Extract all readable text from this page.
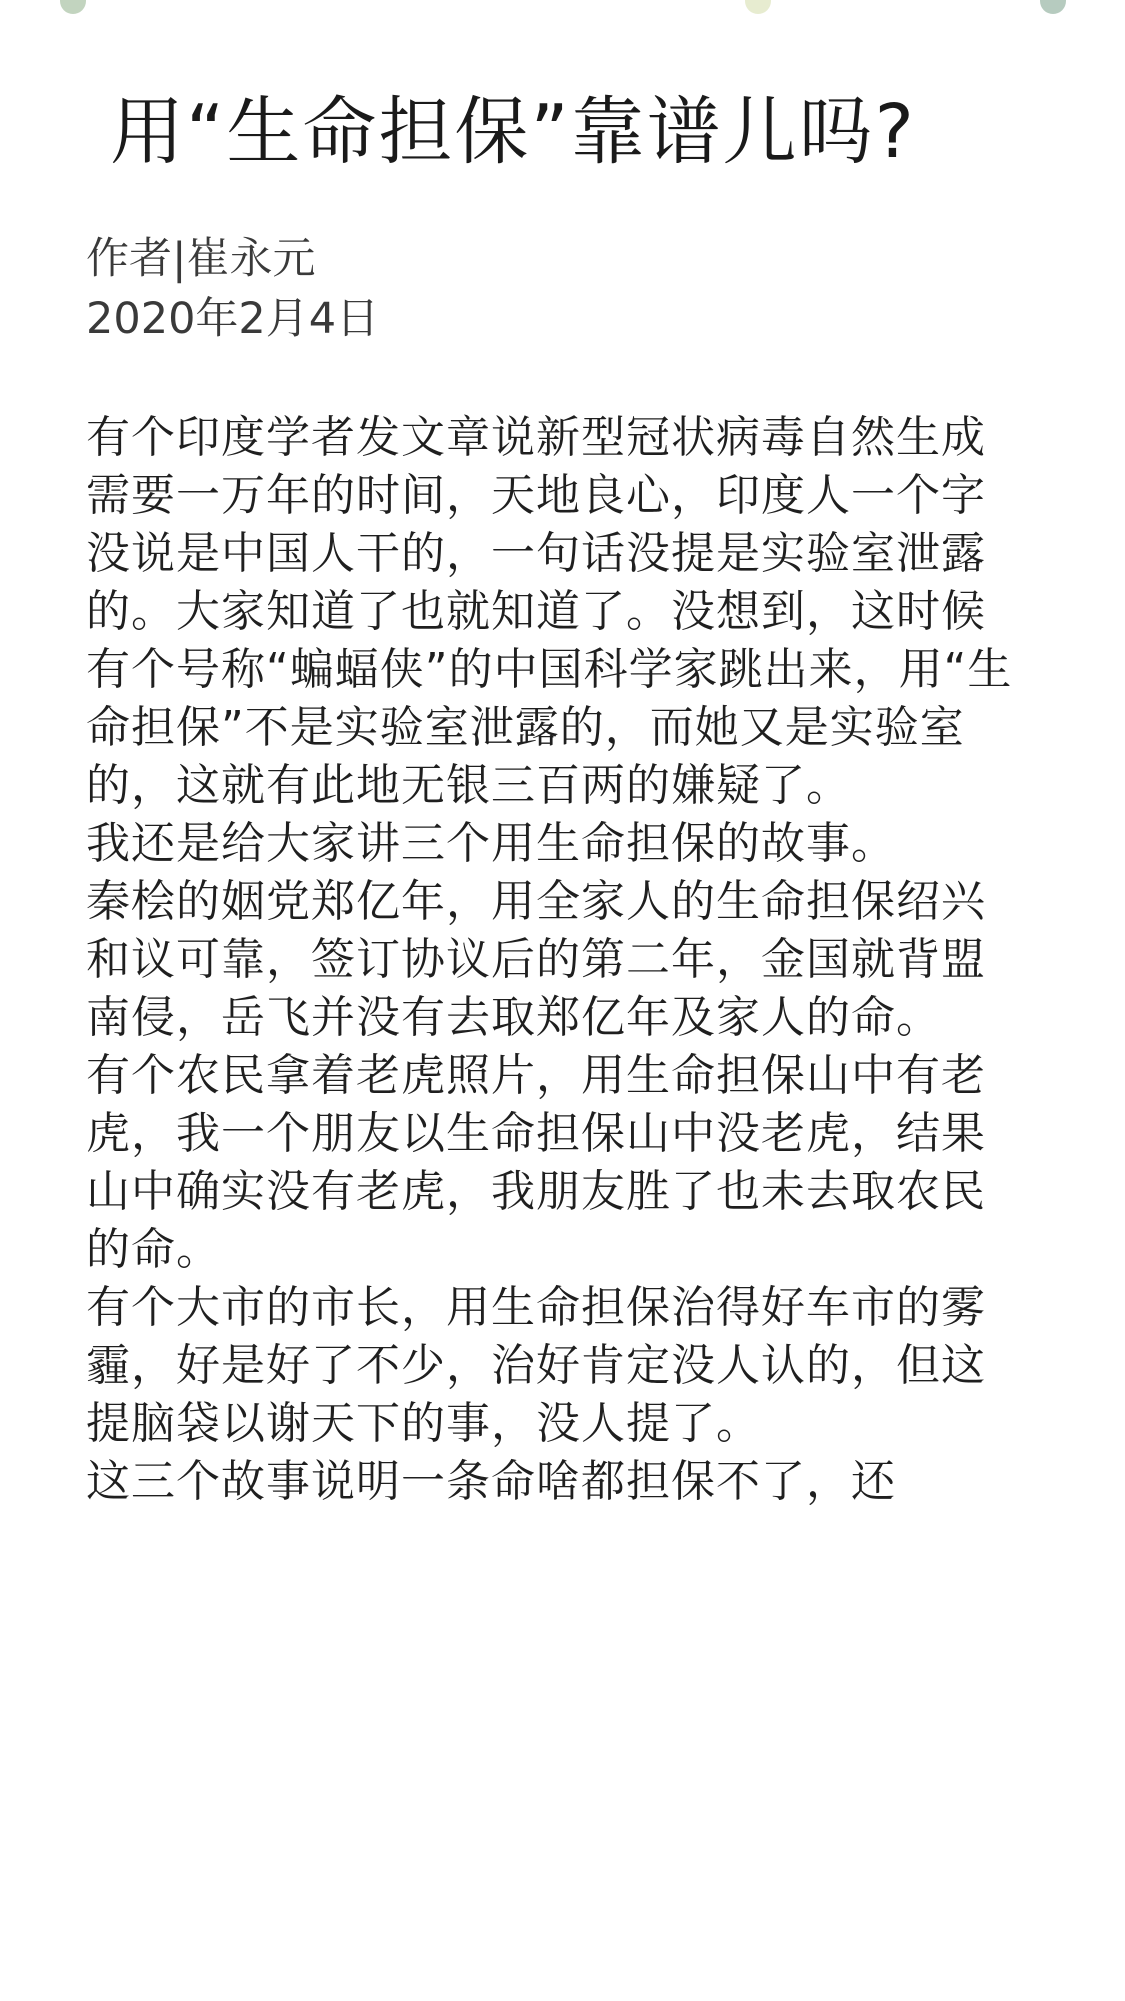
用“生命担保”靠谱儿吗?
作者|崔永元
2020年2月4日

有个印度学者发文章说新型冠状病毒自然生成需要一万年的时间，天地良心，印度人一个字没说是中国人干的，一句话没提是实验室泄露的。大家知道了也就知道了。没想到，这时候有个号称“蝙蝠侠”的中国科学家跳出来，用“生命担保”不是实验室泄露的，而她又是实验室的，这就有此地无银三百两的嫌疑了。

我还是给大家讲三个用生命担保的故事。

秦桧的姻党郑亿年，用全家人的生命担保绍兴和议可靠，签订协议后的第二年，金国就背盟南侵，岳飞并没有去取郑亿年及家人的命。

有个农民拿着老虎照片，用生命担保山中有老虎，我一个朋友以生命担保山中没老虎，结果山中确实没有老虎，我朋友胜了也未去取农民的命。

有个大市的市长，用生命担保治得好车市的雾霾，好是好了不少，治好肯定没人认的，但这提脑袋以谢天下的事，没人提了。

这三个故事说明一条命啥都担保不了，还
